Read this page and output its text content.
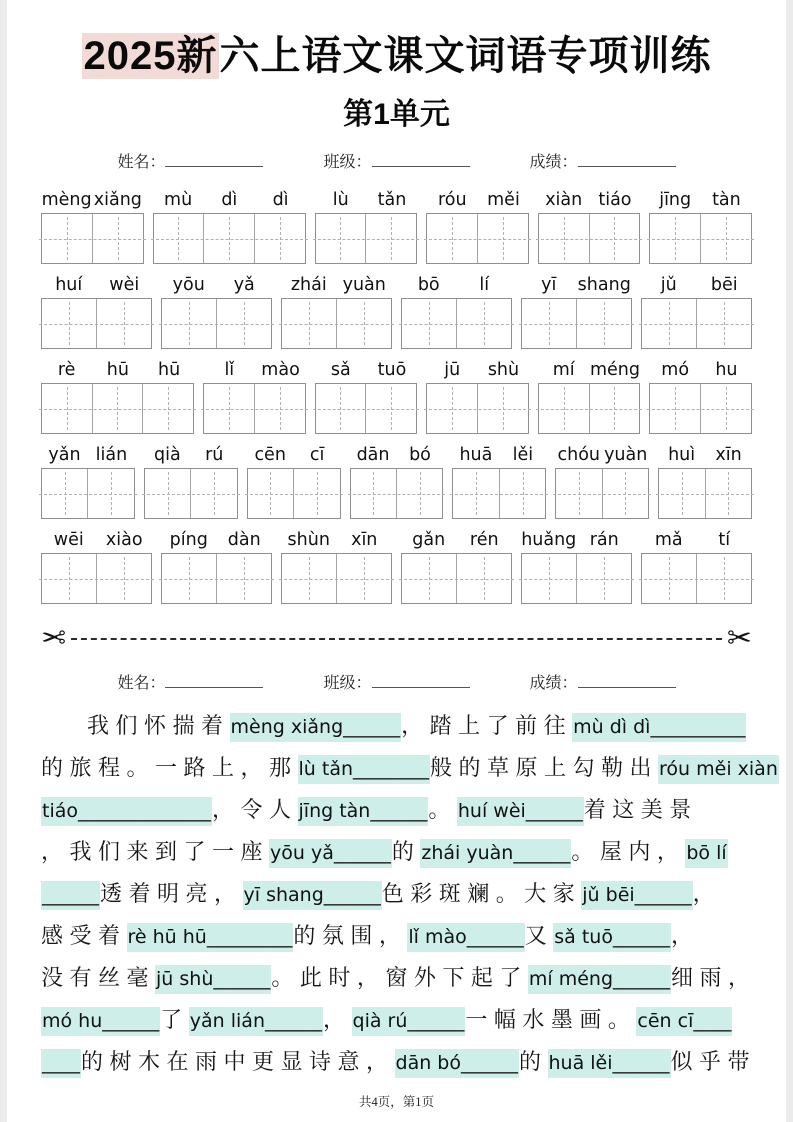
2025新六上语文课文词语专项训练
第1单元
姓名：	班级：	成绩：
mèng xiǎng	mù	dì	dì	lù	tǎn	róu	měi	xiàn tiáo	jīng	tàn
huí	wèi	yōu	yǎ	zhái yuàn	bō	lí	yī	shang	jǔ	bēi
rè	hū	hū	lǐ	mào	sǎ	tuō	jū	shù	mí méng	mó	hu
yǎn lián	qià	rú	cēn	cī	dān	bó	huā	lěi	chóu yuàn	huì	xīn
wēi	xiào	píng	dàn	shùn	xīn	gǎn	rén	huǎng rán	mǎ	tí
✂	✂
姓名：	班级：	成绩：
我们怀揣着mèng xiǎng______，踏上了前往mù dì dì__________
的旅程。一路上，那lù tǎn________般的草原上勾勒出róu měi xiàn
tiáo______________，令人jīng tàn______。huí wèi______着这美景
，我们来到了一座yōu yǎ______的zhái yuàn______。屋内，bō lí
______透着明亮，yī shang______色彩斑斓。大家jǔ bēi______，
感受着rè hū hū_________的氛围，lǐ mào______又sǎ tuō______，
没有丝毫jū shù______。此时，窗外下起了mí méng______细雨，
mó hu______了yǎn lián______，qià rú______一幅水墨画。cēn cī____
____的树木在雨中更显诗意，dān bó______的huā lěi______似乎带
共4页，第1页
